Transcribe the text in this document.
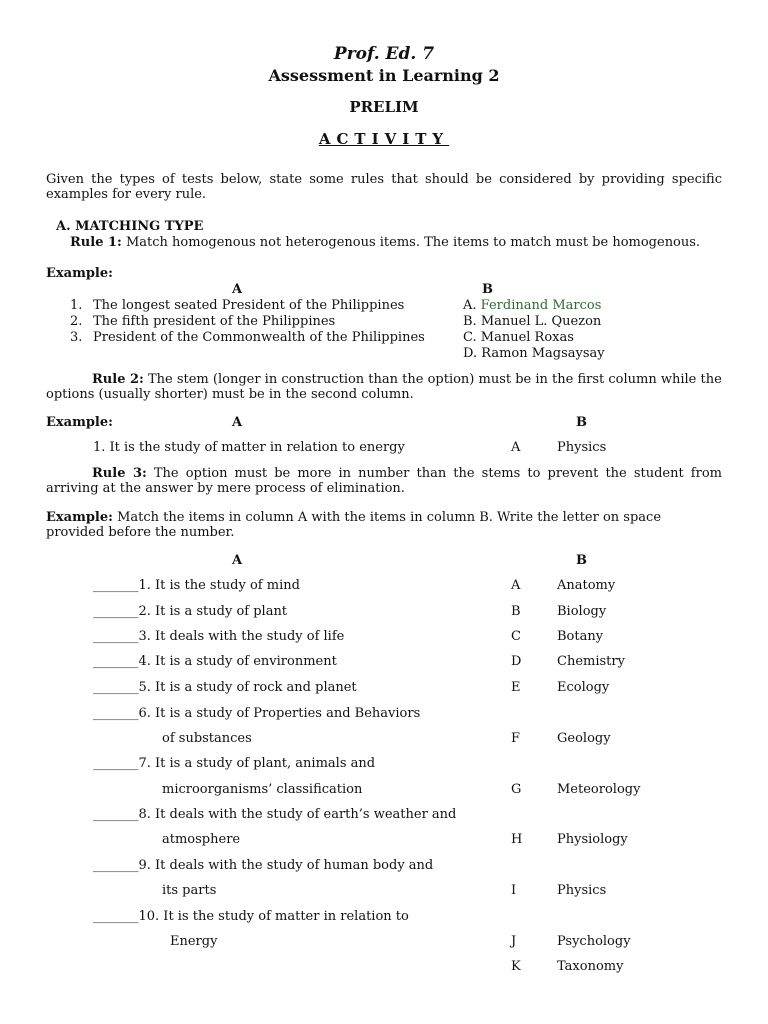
Prof. Ed. 7
Assessment in Learning 2
PRELIM
ACTIVITY
Given the types of tests below, state some rules that should be considered by providing specific examples for every rule.
A. MATCHING TYPE
Rule 1: Match homogenous not heterogenous items. The items to match must be homogenous.
Example:
A	B
1. The longest seated President of the Philippines
2. The fifth president of the Philippines
3. President of the Commonwealth of the Philippines
A. Ferdinand Marcos
B. Manuel L. Quezon
C. Manuel Roxas
D. Ramon Magsaysay
Rule 2: The stem (longer in construction than the option) must be in the first column while the options (usually shorter) must be in the second column.
Example:	A	B
1. It is the study of matter in relation to energy	A	Physics
Rule 3: The option must be more in number than the stems to prevent the student from arriving at the answer by mere process of elimination.
Example: Match the items in column A with the items in column B. Write the letter on space provided before the number.
A	B
_______1. It is the study of mind
_______2. It is a study of plant
_______3. It deals with the study of life
_______4. It is a study of environment
_______5. It is a study of rock and planet
_______6. It is a study of Properties and Behaviors
of substances
_______7. It is a study of plant, animals and
microorganisms’ classification
_______8. It deals with the study of earth’s weather and
atmosphere
_______9. It deals with the study of human body and
its parts
_______10. It is the study of matter in relation to
Energy
A	Anatomy
B	Biology
C	Botany
D	Chemistry
E	Ecology
F	Geology
G	Meteorology
H	Physiology
I	Physics
J	Psychology
K	Taxonomy
